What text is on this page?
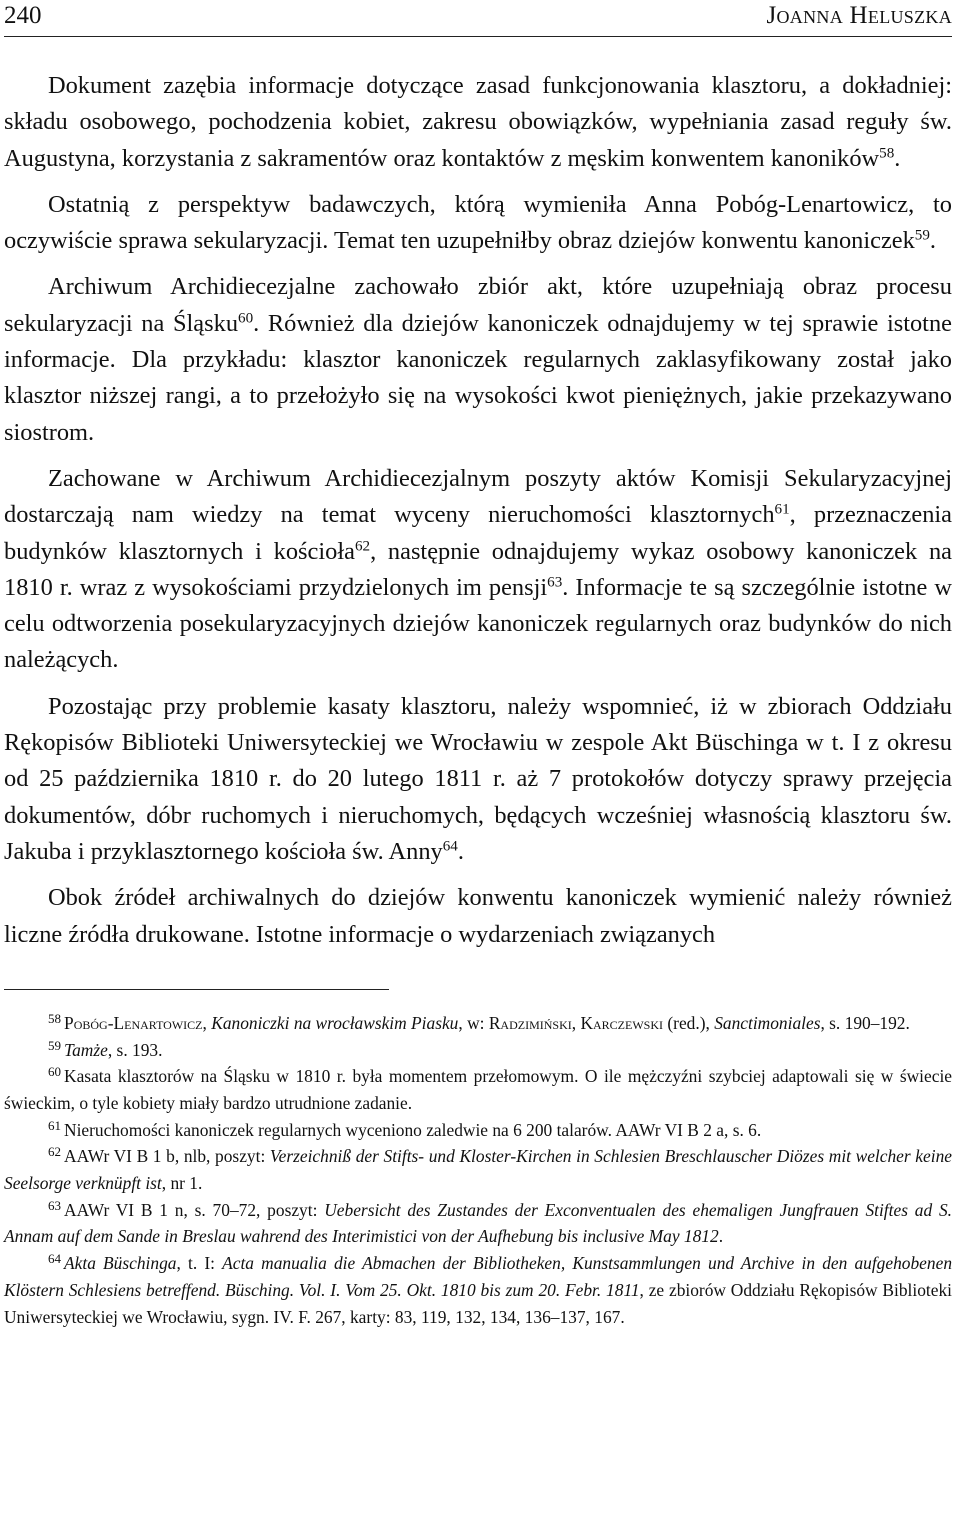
240	Joanna Heluszka

Dokument zazębia informacje dotyczące zasad funkcjonowania klasztoru, a dokładniej: składu osobowego, pochodzenia kobiet, zakresu obowiązków, wypełniania zasad reguły św. Augustyna, korzystania z sakramentów oraz kontaktów z męskim konwentem kanoników$^{58}$.

Ostatnią z perspektyw badawczych, którą wymieniła Anna Pobóg-Lenartowicz, to oczywiście sprawa sekularyzacji. Temat ten uzupełniłby obraz dziejów konwentu kanoniczek$^{59}$.

Archiwum Archidiecezjalne zachowało zbiór akt, które uzupełniają obraz procesu sekularyzacji na Śląsku$^{60}$. Również dla dziejów kanoniczek odnajdujemy w tej sprawie istotne informacje. Dla przykładu: klasztor kanoniczek regularnych zaklasyfikowany został jako klasztor niższej rangi, a to przełożyło się na wysokości kwot pieniężnych, jakie przekazywano siostrom.

Zachowane w Archiwum Archidiecezjalnym poszyty aktów Komisji Sekularyzacyjnej dostarczają nam wiedzy na temat wyceny nieruchomości klasztornych$^{61}$, przeznaczenia budynków klasztornych i kościoła$^{62}$, następnie odnajdujemy wykaz osobowy kanoniczek na 1810 r. wraz z wysokościami przydzielonych im pensji$^{63}$. Informacje te są szczególnie istotne w celu odtworzenia posekularyzacyjnych dziejów kanoniczek regularnych oraz budynków do nich należących.

Pozostając przy problemie kasaty klasztoru, należy wspomnieć, iż w zbiorach Oddziału Rękopisów Biblioteki Uniwersyteckiej we Wrocławiu w zespole Akt Büschinga w t. I z okresu od 25 października 1810 r. do 20 lutego 1811 r. aż 7 protokołów dotyczy sprawy przejęcia dokumentów, dóbr ruchomych i nieruchomych, będących wcześniej własnością klasztoru św. Jakuba i przyklasztornego kościoła św. Anny$^{64}$.

Obok źródeł archiwalnych do dziejów konwentu kanoniczek wymienić należy również liczne źródła drukowane. Istotne informacje o wydarzeniach związanych

$^{58}$ Pobóg-Lenartowicz, Kanoniczki na wrocławskim Piasku, w: Radzimiński, Karczewski (red.), Sanctimoniales, s. 190–192.

$^{59}$ Tamże, s. 193.

$^{60}$ Kasata klasztorów na Śląsku w 1810 r. była momentem przełomowym. O ile mężczyźni szybciej adaptowali się w świecie świeckim, o tyle kobiety miały bardzo utrudnione zadanie.

$^{61}$ Nieruchomości kanoniczek regularnych wyceniono zaledwie na 6 200 talarów. AAWr VI B 2 a, s. 6.

$^{62}$ AAWr VI B 1 b, nlb, poszyt: Verzeichniß der Stifts- und Kloster-Kirchen in Schlesien Breschlauscher Diözes mit welcher keine Seelsorge verknüpft ist, nr 1.

$^{63}$ AAWr VI B 1 n, s. 70–72, poszyt: Uebersicht des Zustandes der Exconventualen des ehemaligen Jungfrauen Stiftes ad S. Annam auf dem Sande in Breslau wahrend des Interimistici von der Aufhebung bis inclusive May 1812.

$^{64}$ Akta Büschinga, t. I: Acta manualia die Abmachen der Bibliotheken, Kunstsammlungen und Archive in den aufgehobenen Klöstern Schlesiens betreffend. Büsching. Vol. I. Vom 25. Okt. 1810 bis zum 20. Febr. 1811, ze zbiorów Oddziału Rękopisów Biblioteki Uniwersyteckiej we Wrocławiu, sygn. IV. F. 267, karty: 83, 119, 132, 134, 136–137, 167.
